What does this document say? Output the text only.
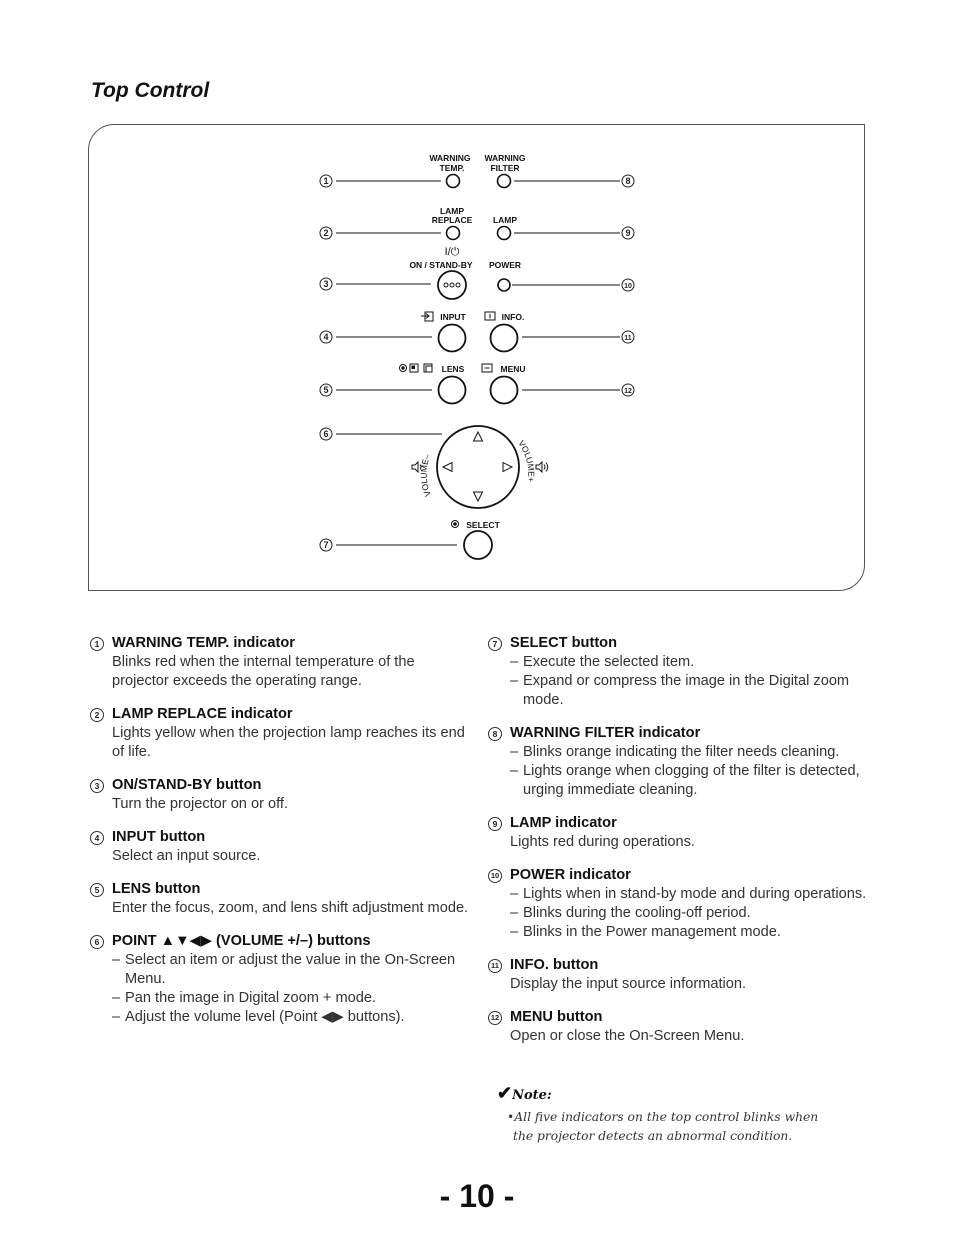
Top Control
1
2
3
4
5
6
7
8
9
10
11
12
WARNING
TEMP.
WARNING
FILTER
LAMP
REPLACE LAMP
I/⏻
ON / STAND-BY POWER
INPUT	INFO.
LENS	MENU
SELECT
VOLUME–
VOLUME+
1 WARNING TEMP. indicator
Blinks red when the internal temperature of the projector exceeds the operating range.
2 LAMP REPLACE indicator
Lights yellow when the projection lamp reaches its end of life.
3 ON/STAND-BY button
Turn the projector on or off.
4 INPUT button
Select an input source.
5 LENS button
Enter the focus, zoom, and lens shift adjustment mode.
6 POINT ▲▼◀▶ (VOLUME +/–) buttons
– Select an item or adjust the value in the On-Screen Menu.
– Pan the image in Digital zoom + mode.
– Adjust the volume level (Point ◀▶ buttons).
7 SELECT button
– Execute the selected item.
– Expand or compress the image in the Digital zoom mode.
8 WARNING FILTER indicator
– Blinks orange indicating the filter needs cleaning.
– Lights orange when clogging of the filter is detected, urging immediate cleaning.
9 LAMP indicator
Lights red during operations.
10 POWER indicator
– Lights when in stand-by mode and during operations.
– Blinks during the cooling-off period.
– Blinks in the Power management mode.
11 INFO. button
Display the input source information.
12 MENU button
Open or close the On-Screen Menu.
✔Note:
•All five indicators on the top control blinks when the projector detects an abnormal condition.
- 10 -
